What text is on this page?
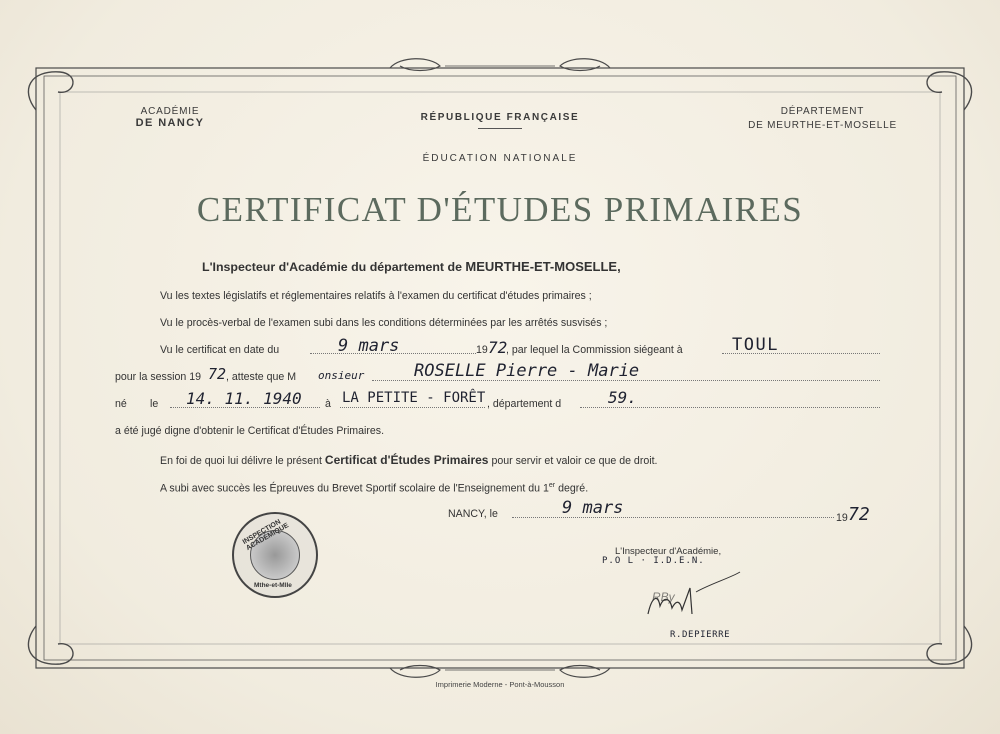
ACADÉMIE
DE NANCY	RÉPUBLIQUE FRANÇAISE
ÉDUCATION NATIONALE
DÉPARTEMENT
DE MEURTHE-ET-MOSELLE
CERTIFICAT D'ÉTUDES PRIMAIRES
L'Inspecteur d'Académie du département de MEURTHE-ET-MOSELLE,
Vu les textes législatifs et réglementaires relatifs à l'examen du certificat d'études primaires ;
Vu le procès-verbal de l'examen subi dans les conditions déterminées par les arrêtés susvisés ;
Vu le certificat en date du	9 mars	19 72
, par lequel la Commission siégeant à	TOUL
pour la session 19 72 , atteste que M onsieur	ROSELLE Pierre - Marie
né le 14. 11. 1940 à LA PETITE - FORÊT , département d	59.
a été jugé digne d'obtenir le Certificat d'Études Primaires.
En foi de quoi lui délivre le présent Certificat d'Études Primaires pour servir et valoir ce que de droit.
A subi avec succès les Épreuves du Brevet Sportif scolaire de l'Enseignement du 1er degré.
NANCY, le	9 mars	19 72
INSPECTION ACADÉMIQUE
Mthe-et-Mlle
L'Inspecteur d'Académie,
P.O L · I.D.E.N.
RBy
R.DEPIERRE
Imprimerie Moderne - Pont-à-Mousson
